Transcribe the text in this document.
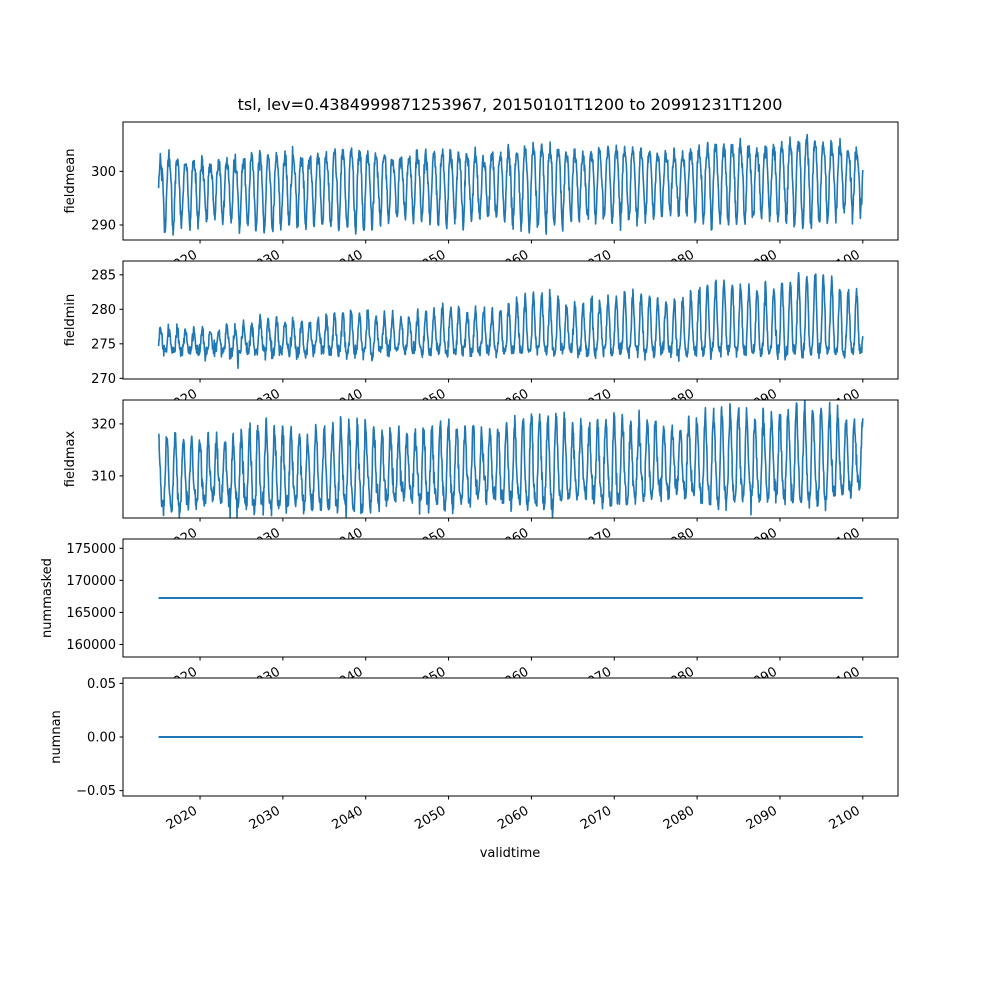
tsl, lev=0.4384999871253967, 20150101T1200 to 20991231T1200
290
300
270
275
280
285
310
320
160000
165000
170000
175000
0.05
0.00
−0.05
2020	2030	2040	2050	2060	2070	2080	2090	2100
fieldmean
fieldmin
fieldmax
nummasked
numnan
validtime
